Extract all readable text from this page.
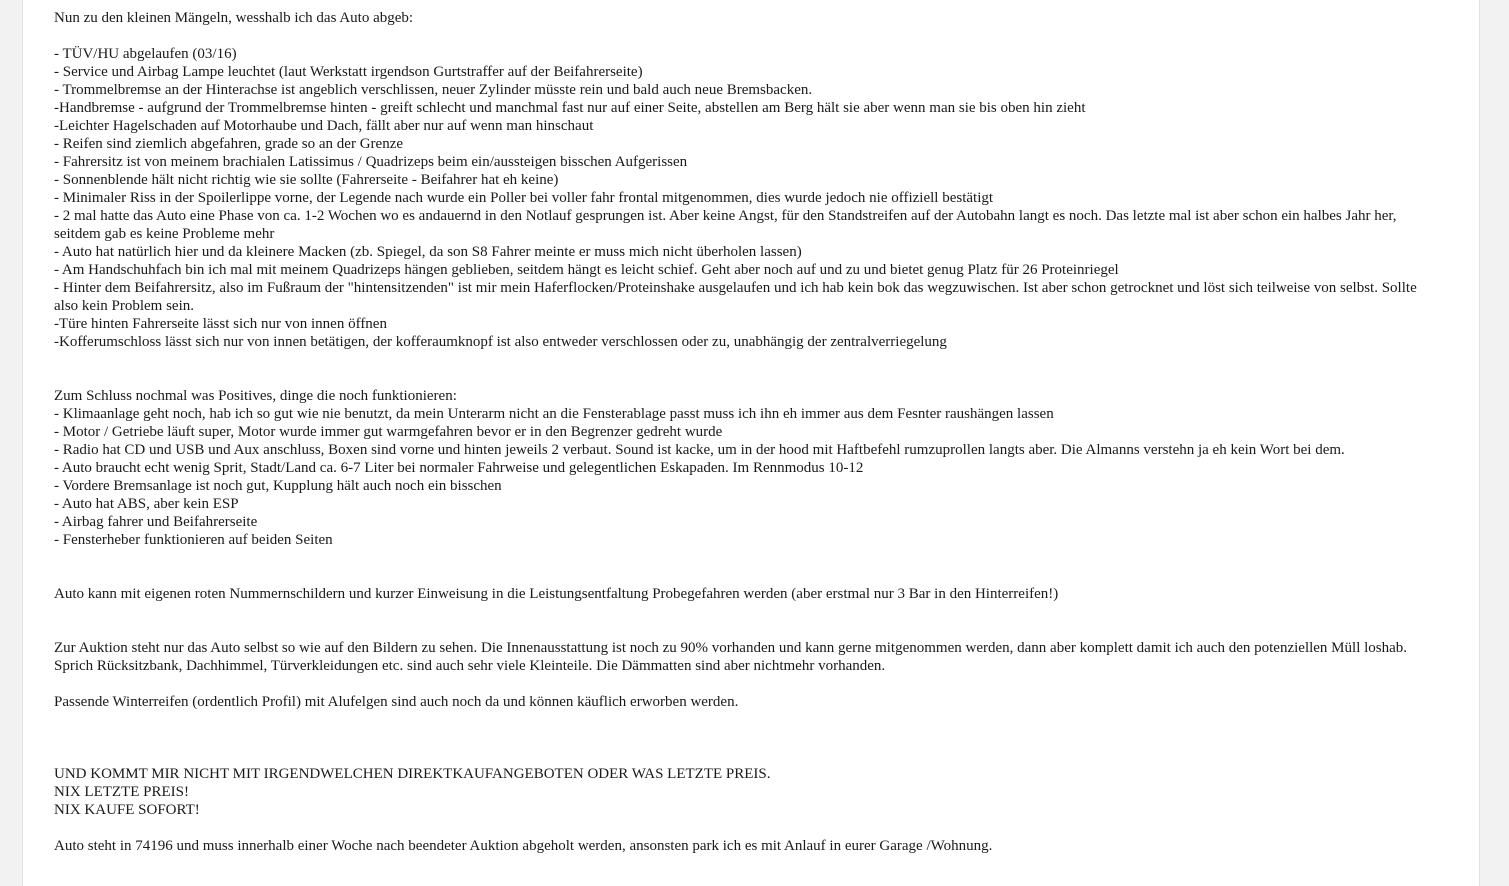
Nun zu den kleinen Mängeln, wesshalb ich das Auto abgeb:
- TÜV/HU abgelaufen (03/16)
- Service und Airbag Lampe leuchtet (laut Werkstatt irgendson Gurtstraffer auf der Beifahrerseite)
- Trommelbremse an der Hinterachse ist angeblich verschlissen, neuer Zylinder müsste rein und bald auch neue Bremsbacken.
-Handbremse - aufgrund der Trommelbremse hinten - greift schlecht und manchmal fast nur auf einer Seite, abstellen am Berg hält sie aber wenn man sie bis oben hin zieht
-Leichter Hagelschaden auf Motorhaube und Dach, fällt aber nur auf wenn man hinschaut
- Reifen sind ziemlich abgefahren, grade so an der Grenze
- Fahrersitz ist von meinem brachialen Latissimus / Quadrizeps beim ein/aussteigen bisschen Aufgerissen
- Sonnenblende hält nicht richtig wie sie sollte (Fahrerseite - Beifahrer hat eh keine)
- Minimaler Riss in der Spoilerlippe vorne, der Legende nach wurde ein Poller bei voller fahr frontal mitgenommen, dies wurde jedoch nie offiziell bestätigt
- 2 mal hatte das Auto eine Phase von ca. 1-2 Wochen wo es andauernd in den Notlauf gesprungen ist. Aber keine Angst, für den Standstreifen auf der Autobahn langt es noch. Das letzte mal ist aber schon ein halbes Jahr her, seitdem gab es keine Probleme mehr
- Auto hat natürlich hier und da kleinere Macken (zb. Spiegel, da son S8 Fahrer meinte er muss mich nicht überholen lassen)
- Am Handschuhfach bin ich mal mit meinem Quadrizeps hängen geblieben, seitdem hängt es leicht schief. Geht aber noch auf und zu und bietet genug Platz für 26 Proteinriegel
- Hinter dem Beifahrersitz, also im Fußraum der "hintensitzenden" ist mir mein Haferflocken/Proteinshake ausgelaufen und ich hab kein bok das wegzuwischen. Ist aber schon getrocknet und löst sich teilweise von selbst. Sollte also kein Problem sein.
-Türe hinten Fahrerseite lässt sich nur von innen öffnen
-Kofferumschloss lässt sich nur von innen betätigen, der kofferaumknopf ist also entweder verschlossen oder zu, unabhängig der zentralverriegelung
Zum Schluss nochmal was Positives, dinge die noch funktionieren:
- Klimaanlage geht noch, hab ich so gut wie nie benutzt, da mein Unterarm nicht an die Fensterablage passt muss ich ihn eh immer aus dem Fesnter raushängen lassen
- Motor / Getriebe läuft super, Motor wurde immer gut warmgefahren bevor er in den Begrenzer gedreht wurde
- Radio hat CD und USB und Aux anschluss, Boxen sind vorne und hinten jeweils 2 verbaut. Sound ist kacke, um in der hood mit Haftbefehl rumzuprollen langts aber. Die Almanns verstehn ja eh kein Wort bei dem.
- Auto braucht echt wenig Sprit, Stadt/Land ca. 6-7 Liter bei normaler Fahrweise und gelegentlichen Eskapaden. Im Rennmodus 10-12
- Vordere Bremsanlage ist noch gut, Kupplung hält auch noch ein bisschen
- Auto hat ABS, aber kein ESP
- Airbag fahrer und Beifahrerseite
- Fensterheber funktionieren auf beiden Seiten
Auto kann mit eigenen roten Nummernschildern und kurzer Einweisung in die Leistungsentfaltung Probegefahren werden (aber erstmal nur 3 Bar in den Hinterreifen!)
Zur Auktion steht nur das Auto selbst so wie auf den Bildern zu sehen. Die Innenausstattung ist noch zu 90% vorhanden und kann gerne mitgenommen werden, dann aber komplett damit ich auch den potenziellen Müll loshab. Sprich Rücksitzbank, Dachhimmel, Türverkleidungen etc. sind auch sehr viele Kleinteile. Die Dämmatten sind aber nichtmehr vorhanden.
Passende Winterreifen (ordentlich Profil) mit Alufelgen sind auch noch da und können käuflich erworben werden.
UND KOMMT MIR NICHT MIT IRGENDWELCHEN DIREKTKAUFANGEBOTEN ODER WAS LETZTE PREIS.
NIX LETZTE PREIS!
NIX KAUFE SOFORT!
Auto steht in 74196 und muss innerhalb einer Woche nach beendeter Auktion abgeholt werden, ansonsten park ich es mit Anlauf in eurer Garage /Wohnung.
